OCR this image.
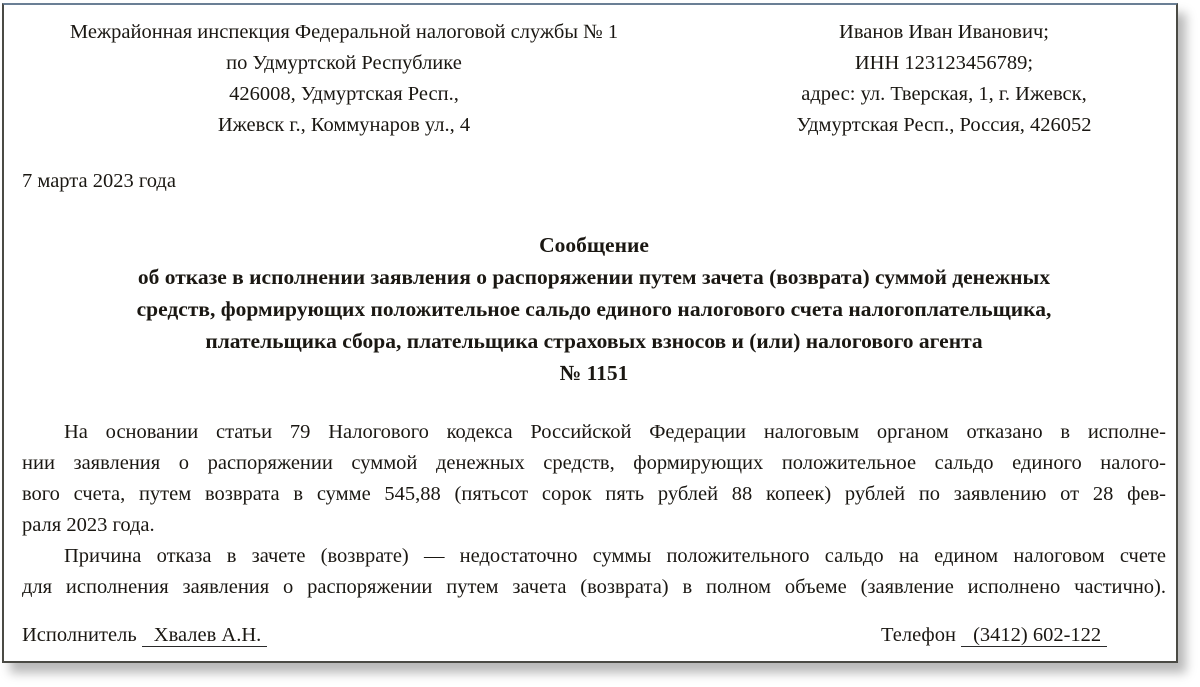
Межрайонная инспекция Федеральной налоговой службы № 1
по Удмуртской Республике
426008, Удмуртская Респ.,
Ижевск г., Коммунаров ул., 4
Иванов Иван Иванович;
ИНН 123123456789;
адрес: ул. Тверская, 1, г. Ижевск,
Удмуртская Респ., Россия, 426052
7 марта 2023 года
Сообщение
об отказе в исполнении заявления о распоряжении путем зачета (возврата) суммой денежных
средств, формирующих положительное сальдо единого налогового счета налогоплательщика,
плательщика сбора, плательщика страховых взносов и (или) налогового агента
№ 1151
На основании статьи 79 Налогового кодекса Российской Федерации налоговым органом отказано в исполне-
нии заявления о распоряжении суммой денежных средств, формирующих положительное сальдо единого налого-
вого счета, путем возврата в сумме 545,88 (пятьсот сорок пять рублей 88 копеек) рублей по заявлению от 28 фев-
раля 2023 года.
Причина отказа в зачете (возврате) — недостаточно суммы положительного сальдо на едином налоговом счете
для исполнения заявления о распоряжении путем зачета (возврата) в полном объеме (заявление исполнено частично).
Исполнитель Хвалев А.Н.	Телефон (3412) 602-122
